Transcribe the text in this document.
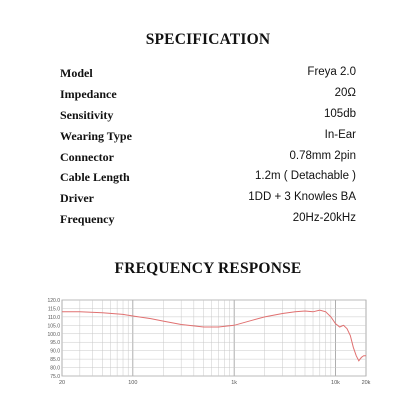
SPECIFICATION
Model	Freya 2.0
Impedance	20Ω
Sensitivity	105db
Wearing Type	In-Ear
Connector	0.78mm 2pin
Cable Length	1.2m ( Detachable )
Driver	1DD + 3 Knowles BA
Frequency	20Hz-20kHz
FREQUENCY RESPONSE
120.0
115.0
110.0
105.0
100.0
95.0
90.0
85.0
80.0
75.0
20	100	1k	10k	20k
